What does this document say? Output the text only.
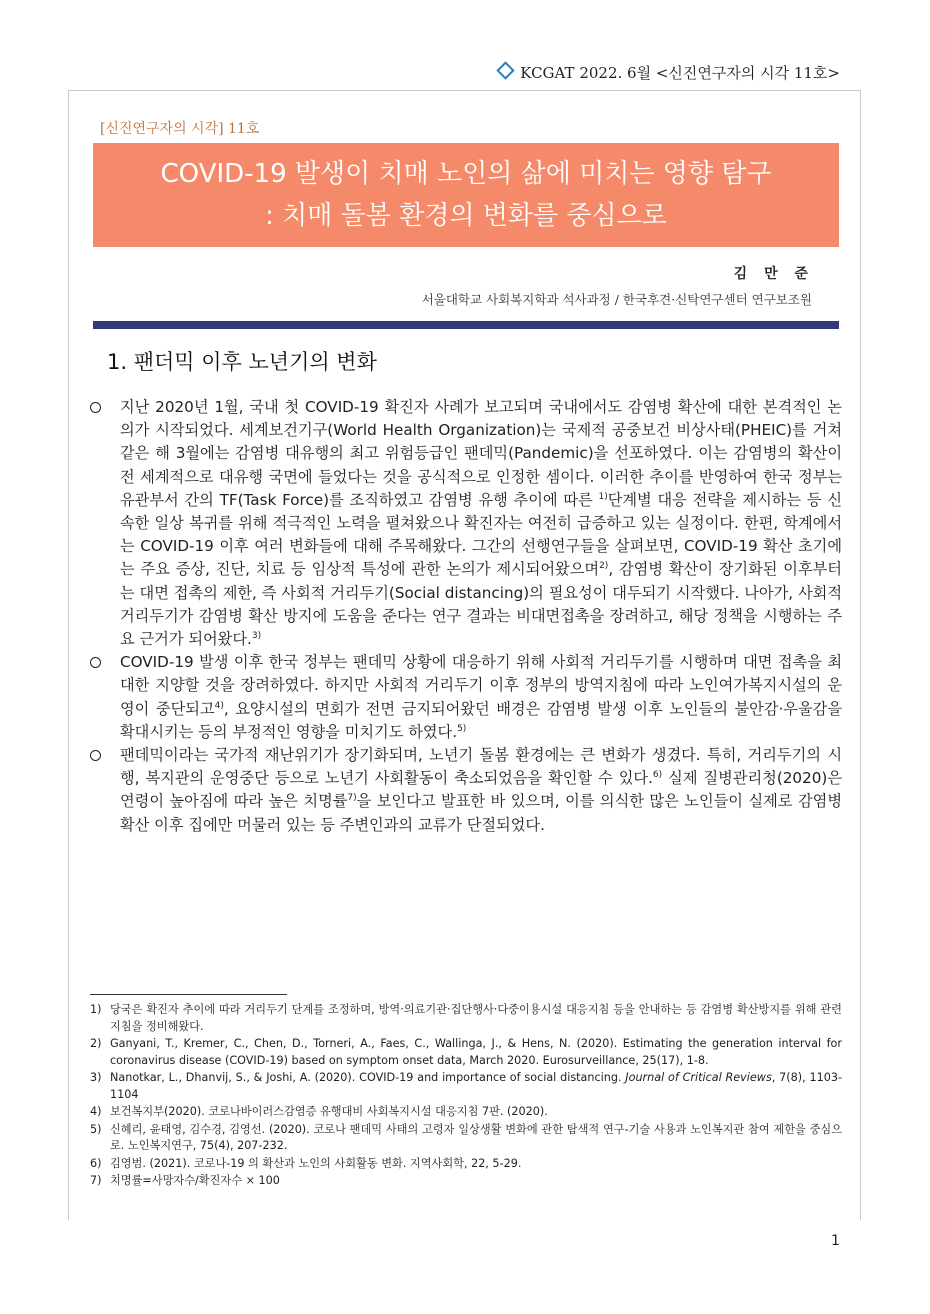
KCGAT 2022. 6월 <신진연구자의 시각 11호>
[신진연구자의 시각] 11호
COVID-19 발생이 치매 노인의 삶에 미치는 영향 탐구
: 치매 돌봄 환경의 변화를 중심으로
김 만 준
서울대학교 사회복지학과 석사과정 / 한국후견·신탁연구센터 연구보조원
1. 팬더믹 이후 노년기의 변화
지난 2020년 1월, 국내 첫 COVID-19 확진자 사례가 보고되며 국내에서도 감염병 확산에 대한 본격적인 논의가 시작되었다. 세계보건기구(World Health Organization)는 국제적 공중보건 비상사태(PHEIC)를 거쳐 같은 해 3월에는 감염병 대유행의 최고 위험등급인 팬데믹(Pandemic)을 선포하였다. 이는 감염병의 확산이 전 세계적으로 대유행 국면에 들었다는 것을 공식적으로 인정한 셈이다. 이러한 추이를 반영하여 한국 정부는 유관부서 간의 TF(Task Force)를 조직하였고 감염병 유행 추이에 따른 $^{1)}$단계별 대응 전략을 제시하는 등 신속한 일상 복귀를 위해 적극적인 노력을 펼쳐왔으나 확진자는 여전히 급증하고 있는 실정이다. 한편, 학계에서는 COVID-19 이후 여러 변화들에 대해 주목해왔다. 그간의 선행연구들을 살펴보면, COVID-19 확산 초기에는 주요 증상, 진단, 치료 등 임상적 특성에 관한 논의가 제시되어왔으며$^{2)}$, 감염병 확산이 장기화된 이후부터는 대면 접촉의 제한, 즉 사회적 거리두기(Social distancing)의 필요성이 대두되기 시작했다. 나아가, 사회적 거리두기가 감염병 확산 방지에 도움을 준다는 연구 결과는 비대면접촉을 장려하고, 해당 정책을 시행하는 주요 근거가 되어왔다.$^{3)}$
COVID-19 발생 이후 한국 정부는 팬데믹 상황에 대응하기 위해 사회적 거리두기를 시행하며 대면 접촉을 최대한 지양할 것을 장려하였다. 하지만 사회적 거리두기 이후 정부의 방역지침에 따라 노인여가복지시설의 운영이 중단되고$^{4)}$, 요양시설의 면회가 전면 금지되어왔던 배경은 감염병 발생 이후 노인들의 불안감·우울감을 확대시키는 등의 부정적인 영향을 미치기도 하였다.$^{5)}$
팬데믹이라는 국가적 재난위기가 장기화되며, 노년기 돌봄 환경에는 큰 변화가 생겼다. 특히, 거리두기의 시행, 복지관의 운영중단 등으로 노년기 사회활동이 축소되었음을 확인할 수 있다.$^{6)}$ 실제 질병관리청(2020)은 연령이 높아짐에 따라 높은 치명률$^{7)}$을 보인다고 발표한 바 있으며, 이를 의식한 많은 노인들이 실제로 감염병 확산 이후 집에만 머물러 있는 등 주변인과의 교류가 단절되었다.
1) 당국은 확진자 추이에 따라 거리두기 단계를 조정하며, 방역·의료기관·집단행사·다중이용시설 대응지침 등을 안내하는 등 감염병 확산방지를 위해 관련 지침을 정비해왔다.
2) Ganyani, T., Kremer, C., Chen, D., Torneri, A., Faes, C., Wallinga, J., & Hens, N. (2020). Estimating the generation interval for coronavirus disease (COVID-19) based on symptom onset data, March 2020. Eurosurveillance, 25(17), 1-8.
3) Nanotkar, L., Dhanvij, S., & Joshi, A. (2020). COVID-19 and importance of social distancing. Journal of Critical Reviews, 7(8), 1103-1104
4) 보건복지부(2020). 코로나바이러스감염증 유행대비 사회복지시설 대응지침 7판. (2020).
5) 신혜리, 윤태영, 김수경, 김영선. (2020). 코로나 팬데믹 사태의 고령자 일상생활 변화에 관한 탐색적 연구-기술 사용과 노인복지관 참여 제한을 중심으로. 노인복지연구, 75(4), 207-232.
6) 김영범. (2021). 코로나-19 의 확산과 노인의 사회활동 변화. 지역사회학, 22, 5-29.
7) 치명률=사망자수/확진자수 × 100
1
